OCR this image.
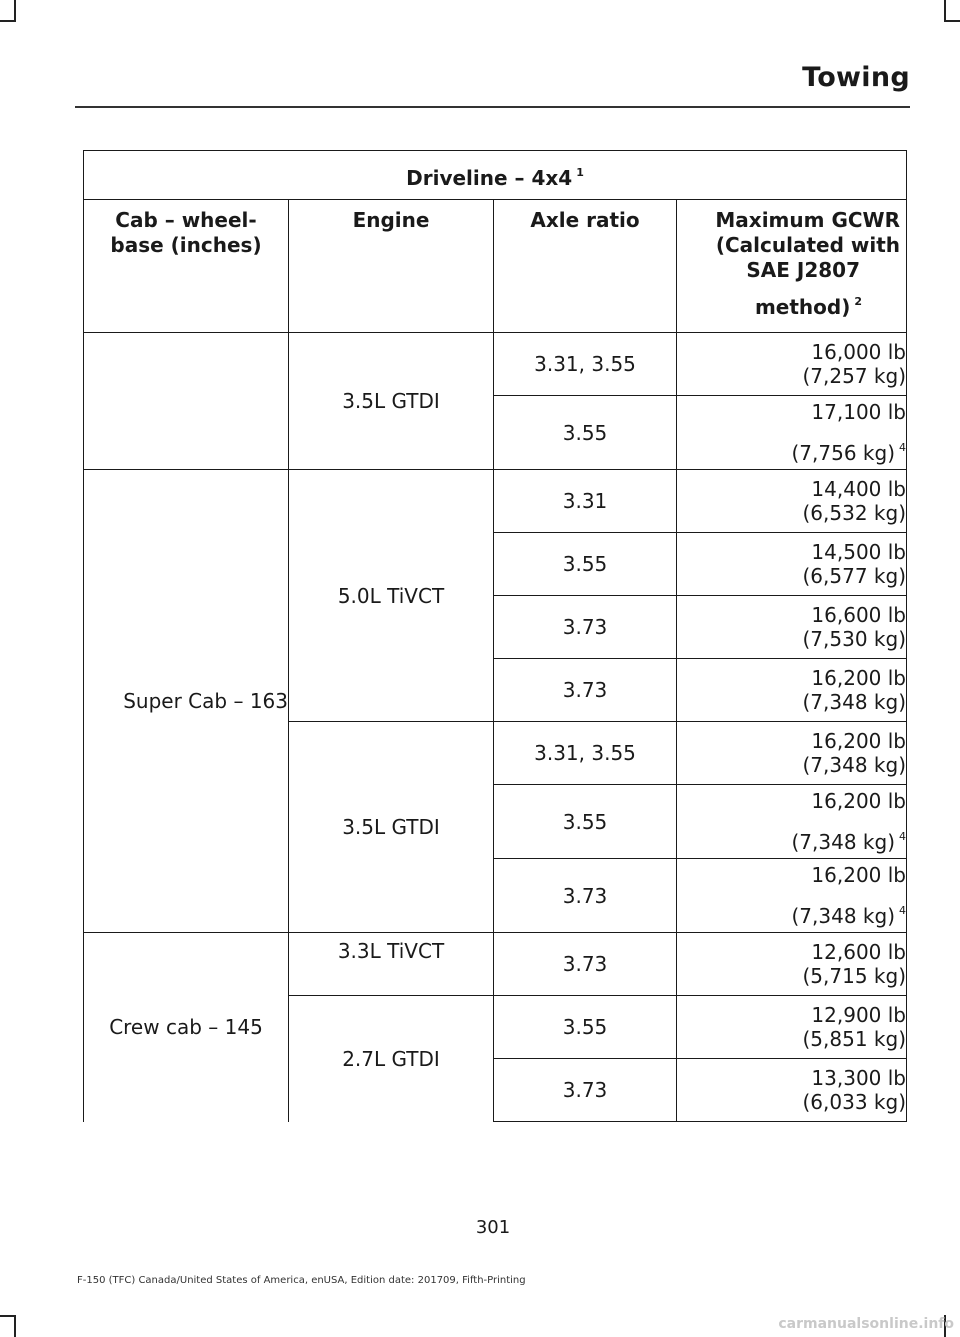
Towing
Driveline – 4x4 $^1$
Cab – wheel-
base (inches)	Engine	Axle ratio	Maximum GCWR
(Calculated with
SAE J2807
method) $^2$
	3.5L GTDI	3.31, 3.55	16,000 lb
(7,257 kg)
		3.55	17,100 lb
(7,756 kg) $^4$
Super Cab – 163	5.0L TiVCT	3.31	14,400 lb
(6,532 kg)
		3.55	14,500 lb
(6,577 kg)
		3.73	16,600 lb
(7,530 kg)
		3.73	16,200 lb
(7,348 kg)
	3.5L GTDI	3.31, 3.55	16,200 lb
(7,348 kg)
		3.55	16,200 lb
(7,348 kg) $^4$
		3.73	16,200 lb
(7,348 kg) $^4$
Crew cab – 145	3.3L TiVCT	3.73	12,600 lb
(5,715 kg)
	2.7L GTDI	3.55	12,900 lb
(5,851 kg)
		3.73	13,300 lb
(6,033 kg)
301
F-150 (TFC) Canada/United States of America, enUSA, Edition date: 201709, Fifth-Printing
carmanualsonline.info
